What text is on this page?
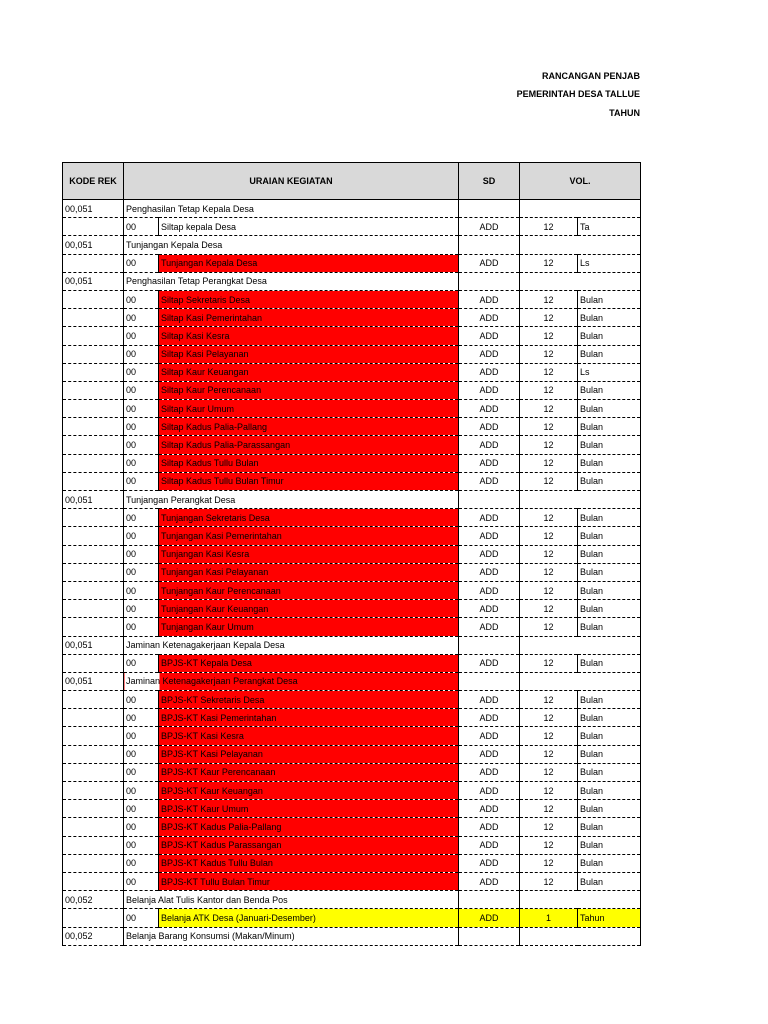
RANCANGAN PENJAB
PEMERINTAH DESA TALLUE
TAHUN
KODE REK	URAIAN KEGIATAN		SD	VOL.	
00,051	Penghasilan Tetap Kepala Desa				
	00	Siltap kepala Desa	ADD	12	Ta
00,051	Tunjangan Kepala Desa				
	00	Tunjangan Kepala Desa	ADD	12	Ls
00,051	Penghasilan Tetap Perangkat Desa				
	00	Siltap Sekretaris Desa	ADD	12	Bulan
	00	Siltap Kasi Pemerintahan	ADD	12	Bulan
	00	Siltap Kasi Kesra	ADD	12	Bulan
	00	Siltap Kasi Pelayanan	ADD	12	Bulan
	00	Siltap Kaur Keuangan	ADD	12	Ls
	00	Siltap Kaur Perencanaan	ADD	12	Bulan
	00	Siltap Kaur Umum	ADD	12	Bulan
	00	Siltap Kadus Palia-Pallang	ADD	12	Bulan
	00	Siltap Kadus Palia-Parassangan	ADD	12	Bulan
	00	Siltap Kadus Tullu Bulan	ADD	12	Bulan
	00	Siltap Kadus Tullu Bulan Timur	ADD	12	Bulan
00,051	Tunjangan Perangkat Desa				
	00	Tunjangan Sekretaris Desa	ADD	12	Bulan
	00	Tunjangan Kasi Pemerintahan	ADD	12	Bulan
	00	Tunjangan Kasi Kesra	ADD	12	Bulan
	00	Tunjangan Kasi Pelayanan	ADD	12	Bulan
	00	Tunjangan Kaur Perencanaan	ADD	12	Bulan
	00	Tunjangan Kaur Keuangan	ADD	12	Bulan
	00	Tunjangan Kaur Umum	ADD	12	Bulan
00,051	Jaminan Ketenagakerjaan Kepala Desa				
	00	BPJS-KT Kepala Desa	ADD	12	Bulan
00,051	Jaminan Ketenagakerjaan Perangkat Desa				
	00	BPJS-KT Sekretaris Desa	ADD	12	Bulan
	00	BPJS-KT Kasi Pemerintahan	ADD	12	Bulan
	00	BPJS-KT Kasi Kesra	ADD	12	Bulan
	00	BPJS-KT Kasi Pelayanan	ADD	12	Bulan
	00	BPJS-KT Kaur Perencanaan	ADD	12	Bulan
	00	BPJS-KT Kaur Keuangan	ADD	12	Bulan
	00	BPJS-KT Kaur Umum	ADD	12	Bulan
	00	BPJS-KT Kadus Palia-Pallang	ADD	12	Bulan
	00	BPJS-KT Kadus Parassangan	ADD	12	Bulan
	00	BPJS-KT Kadus Tullu Bulan	ADD	12	Bulan
	00	BPJS-KT Tullu Bulan Timur	ADD	12	Bulan
00,052	Belanja Alat Tulis Kantor dan Benda Pos				
	00	Belanja ATK Desa (Januari-Desember)	ADD	1	Tahun
00,052	Belanja Barang Konsumsi (Makan/Minum)				
